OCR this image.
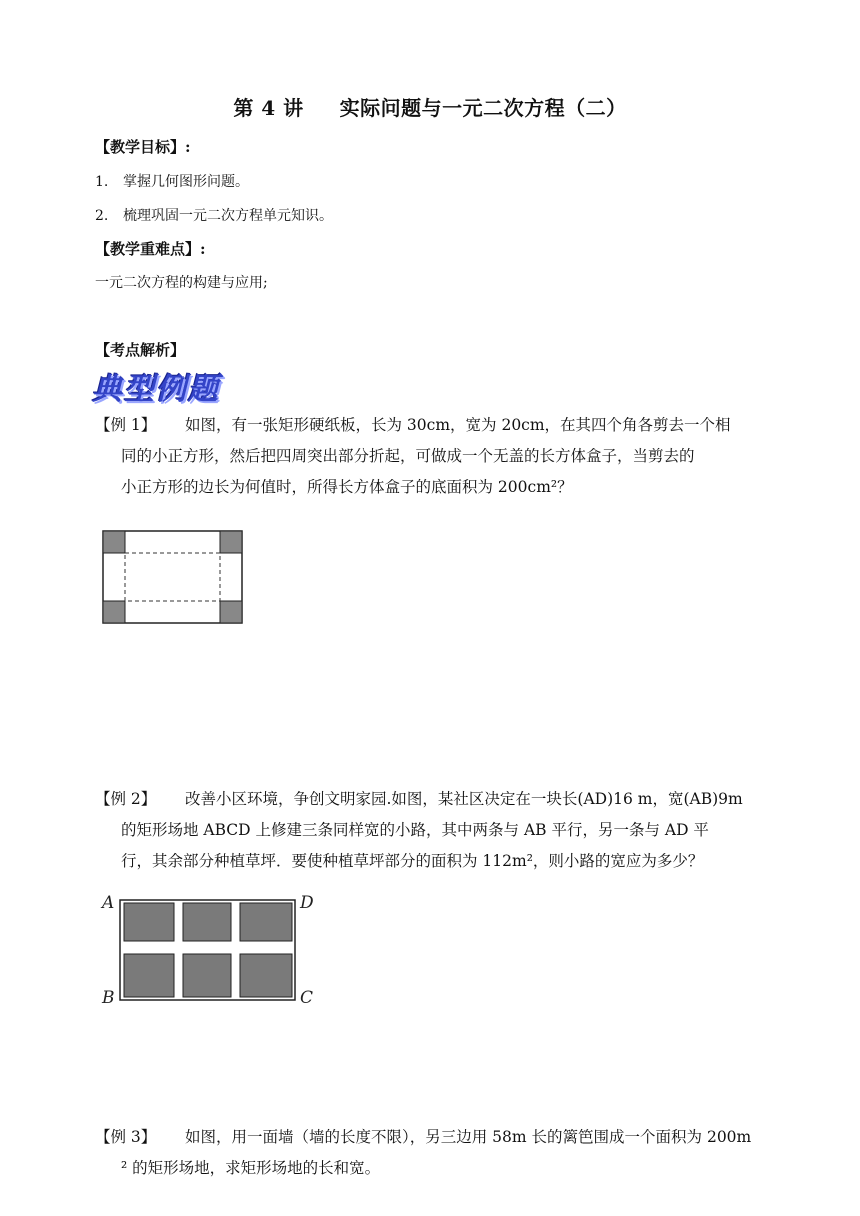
第 4 讲 实际问题与一元二次方程（二）
【教学目标】:
1. 掌握几何图形问题。
2. 梳理巩固一元二次方程单元知识。
【教学重难点】:
一元二次方程的构建与应用;
【考点解析】
典型例题
【例 1】 如图，有一张矩形硬纸板，长为 30cm，宽为 20cm，在其四个角各剪去一个相
同的小正方形，然后把四周突出部分折起，可做成一个无盖的长方体盒子，当剪去的
小正方形的边长为何值时，所得长方体盒子的底面积为 200cm²？
【例 2】 改善小区环境，争创文明家园.如图，某社区决定在一块长(AD)16 m，宽(AB)9m
的矩形场地 ABCD 上修建三条同样宽的小路，其中两条与 AB 平行，另一条与 AD 平
行，其余部分种植草坪．要使种植草坪部分的面积为 112m²，则小路的宽应为多少？
A	D
B	C
【例 3】 如图，用一面墙（墙的长度不限），另三边用 58m 长的篱笆围成一个面积为 200m
² 的矩形场地，求矩形场地的长和宽。
